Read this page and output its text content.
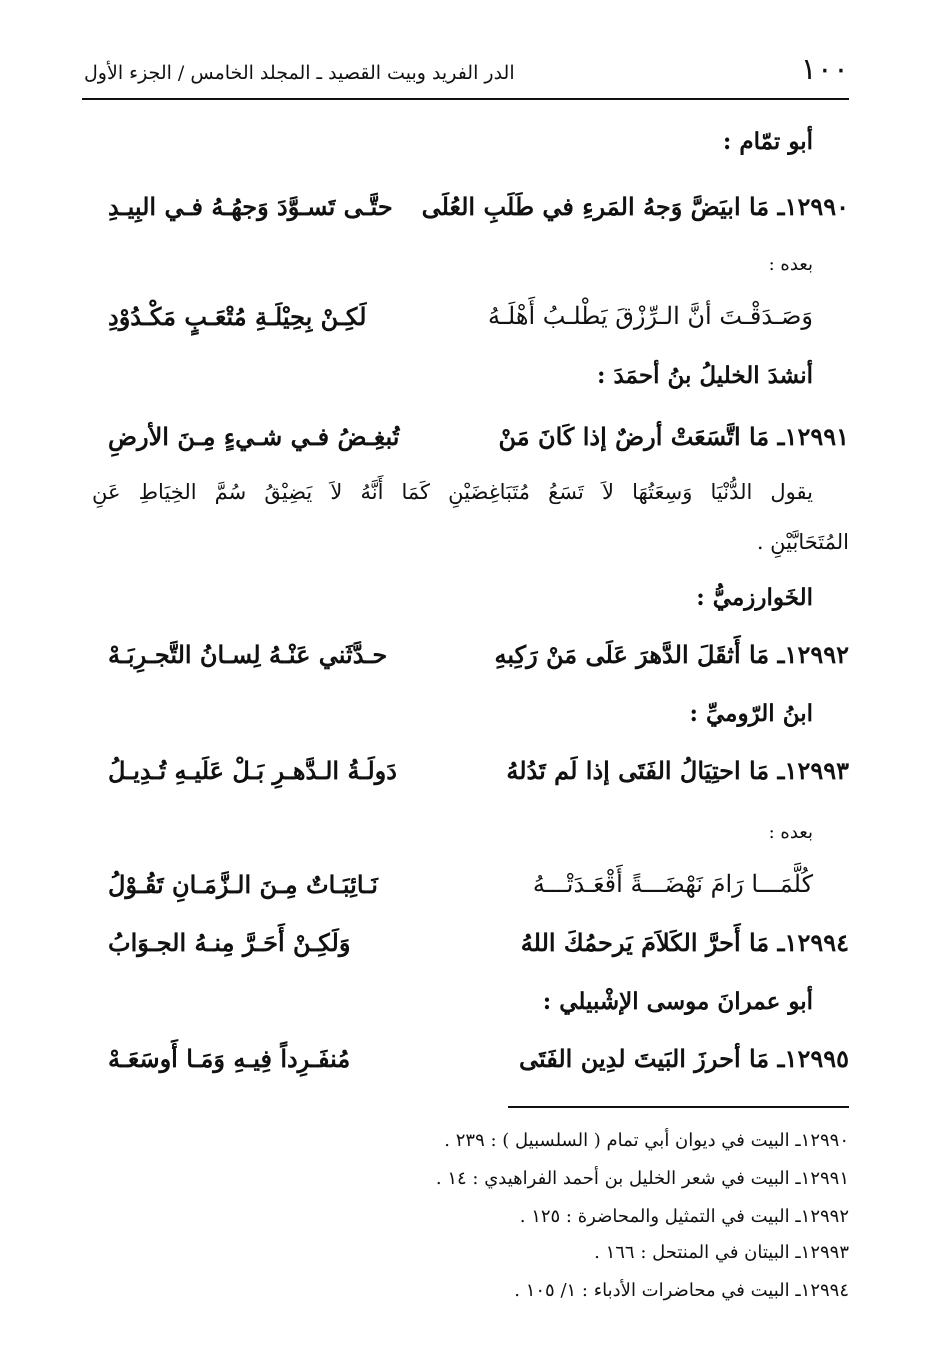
١٠٠
الدر الفريد وبيت القصيد ـ المجلد الخامس / الجزء الأول
أبو تمّام :
١٢٩٩٠ـ مَا ابيَضَّ وَجهُ المَرءِ في طَلَبِ العُلَى
حتَّـى تَسـوَّدَ وَجهُـهُ فـي البِيـدِ
بعده :
وَصَـدَقْـتَ أنَّ الـرِّزْقَ يَطْلـبُ أَهْلَـهُ
لَكِـنْ بِحِيْلَـةِ مُتْعَـبٍ مَكْـدُوْدِ
أنشدَ الخليلُ بنُ أحمَدَ :
١٢٩٩١ـ مَا اتَّسَعَتْ أرضٌ إذا كَانَ مَنْ
تُبغِـضُ فـي شـيءٍ مِـنَ الأرضِ
يقول الدُّنْيَا وَسِعَتُهَا لاَ تَسَعُ مُتَبَاغِضَيْنِ كَمَا أَنَّهُ لاَ يَضِيْقُ سُمَّ الخِيَاطِ عَنِ
المُتَحَابَّيْنِ .
الخَوارزميُّ :
١٢٩٩٢ـ مَا أَثقَلَ الدَّهرَ عَلَى مَنْ رَكِبهِ
حـدَّثَني عَنْـهُ لِسـانُ التَّجـرِبَـهْ
ابنُ الرّوميِّ :
١٢٩٩٣ـ مَا احتِيَالُ الفَتَى إذا لَم تَدُلهُ
دَولَـةُ الـدَّهـرِ بَـلْ عَلَيـهِ تُـدِيـلُ
بعده :
كُلَّمَـــا رَامَ نَهْضَـــةً أَقْعَـدَتْـــهُ
نَـائِبَـاتٌ مِـنَ الـزَّمَـانِ تَقُـوْلُ
١٢٩٩٤ـ مَا أَحرَّ الكَلاَمَ يَرحمُكَ اللهُ
وَلَكِـنْ أَحَـرَّ مِنـهُ الجـوَابُ
أبو عمرانَ موسى الإشْبيلي :
١٢٩٩٥ـ مَا أحرزَ البَيتَ لدِين الفَتَى
مُنفَـرِداً فِيـهِ وَمَـا أَوسَعَـهْ
١٢٩٩٠ـ البيت في ديوان أبي تمام ( السلسبيل ) : ٢٣٩ .
١٢٩٩١ـ البيت في شعر الخليل بن أحمد الفراهيدي : ١٤ .
١٢٩٩٢ـ البيت في التمثيل والمحاضرة : ١٢٥ .
١٢٩٩٣ـ البيتان في المنتحل : ١٦٦ .
١٢٩٩٤ـ البيت في محاضرات الأدباء : ١/ ١٠٥ .
